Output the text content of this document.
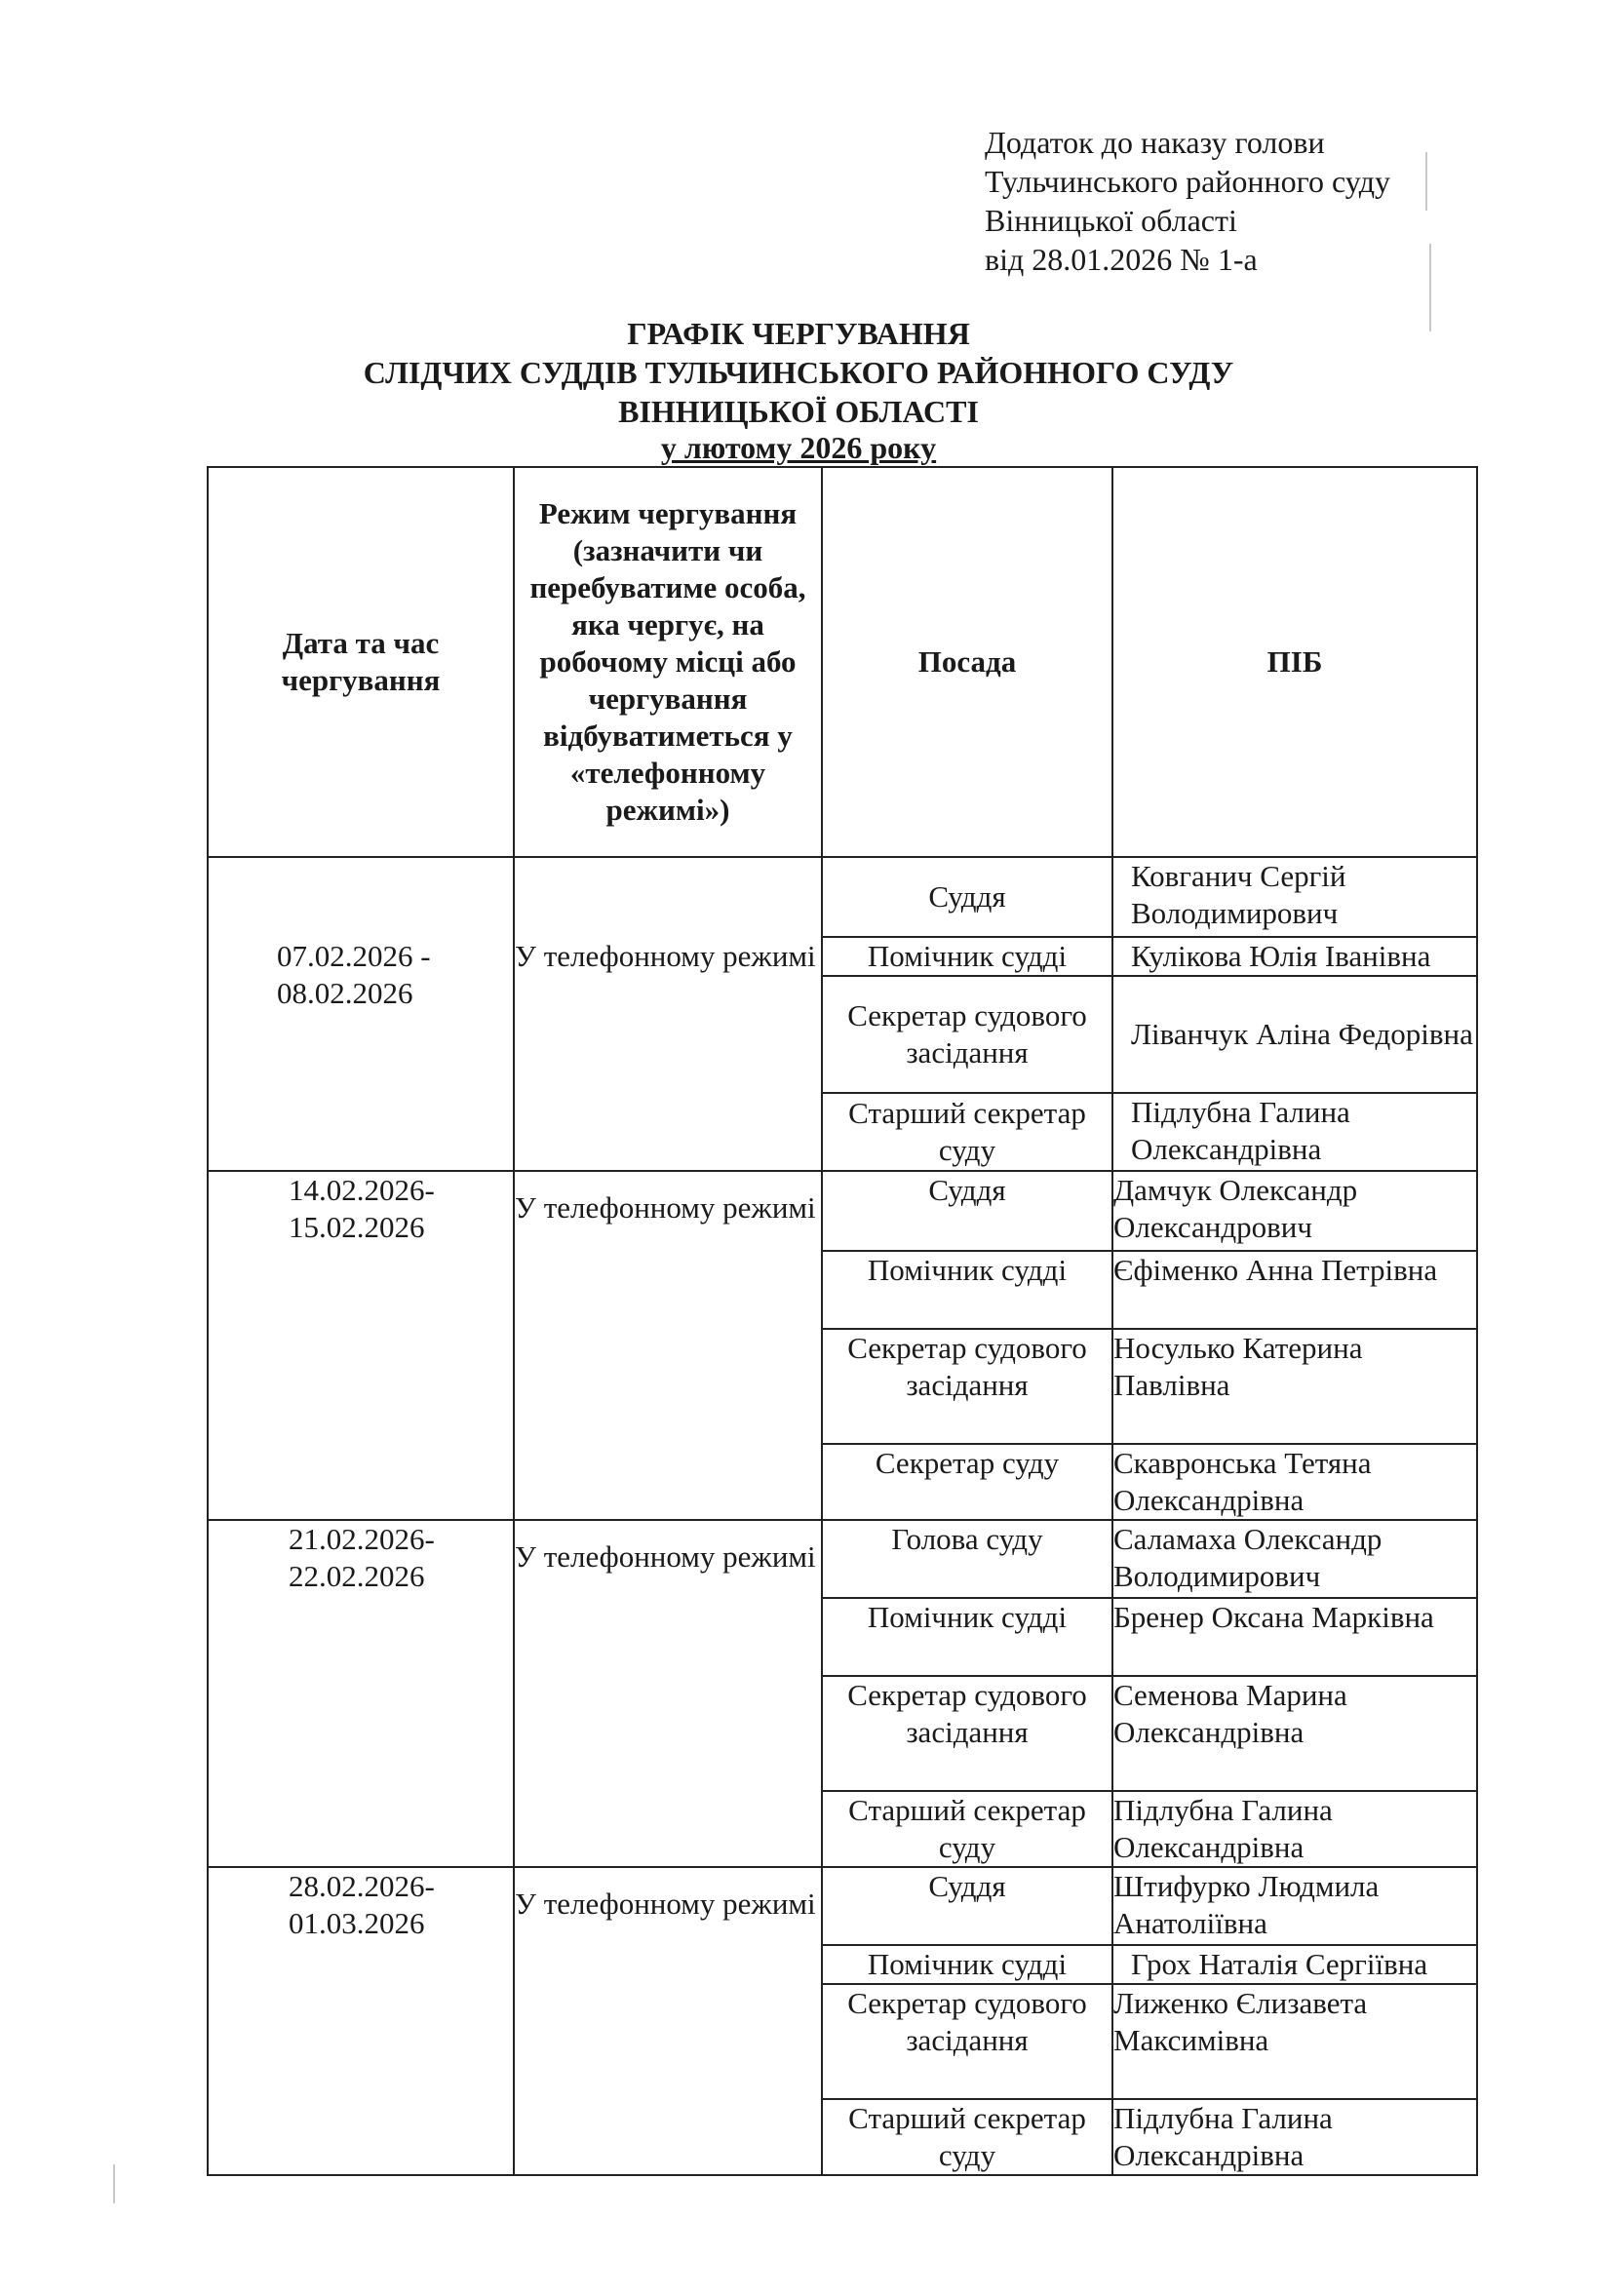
Додаток до наказу голови
Тульчинського районного суду
Вінницької області
від 28.01.2026 № 1-а
ГРАФІК ЧЕРГУВАННЯ
СЛІДЧИХ СУДДІВ ТУЛЬЧИНСЬКОГО РАЙОННОГО СУДУ
ВІННИЦЬКОЇ ОБЛАСТІ
у лютому 2026 року
Дата та час чергування	Режим чергування (зазначити чи перебуватиме особа, яка чергує, на робочому місці або чергування відбуватиметься у «телефонному режимі»)	Посада	ПІБ
07.02.2026 - 08.02.2026	У телефонному режимі	Суддя	Ковганич Сергій Володимирович
		Помічник судді	Кулікова Юлія Іванівна
		Секретар судового засідання	Ліванчук Аліна Федорівна
		Старший секретар суду	Підлубна Галина Олександрівна
14.02.2026- 15.02.2026	У телефонному режимі	Суддя	Дамчук Олександр Олександрович
		Помічник судді	Єфіменко Анна Петрівна
		Секретар судового засідання	Носулько Катерина Павлівна
		Секретар суду	Скавронська Тетяна Олександрівна
21.02.2026- 22.02.2026	У телефонному режимі	Голова суду	Саламаха Олександр Володимирович
		Помічник судді	Бренер Оксана Марківна
		Секретар судового засідання	Семенова Марина Олександрівна
		Старший секретар суду	Підлубна Галина Олександрівна
28.02.2026- 01.03.2026	У телефонному режимі	Суддя	Штифурко Людмила Анатоліївна
		Помічник судді	Грох Наталія Сергіївна
		Секретар судового засідання	Лиженко Єлизавета Максимівна
		Старший секретар суду	Підлубна Галина Олександрівна
